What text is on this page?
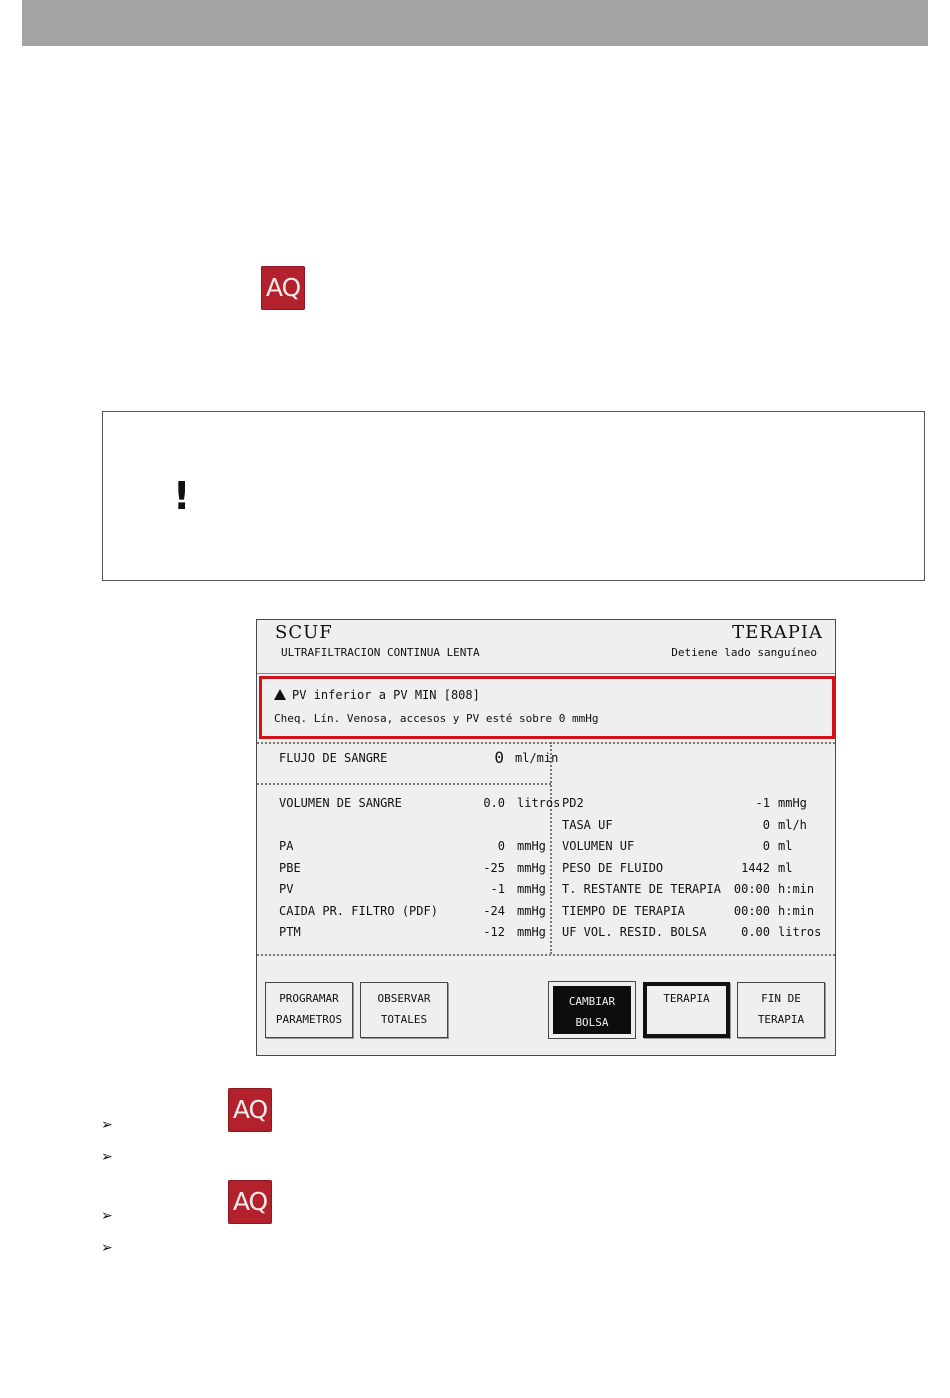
AQ
!
SCUF	TERAPIA
ULTRAFILTRACION CONTINUA LENTA	Detiene lado sanguíneo
PV inferior a PV MIN [808]
Cheq. Lín. Venosa, accesos y PV esté sobre 0 mmHg
FLUJO DE SANGRE	0 ml/min
VOLUMEN DE SANGRE	0.0 litros
PA	0 mmHg
PBE	-25 mmHg
PV	-1 mmHg
CAIDA PR. FILTRO (PDF)	-24 mmHg
PTM	-12 mmHg
PD2	-1 mmHg
TASA UF	0 ml/h
VOLUMEN UF	0 ml
PESO DE FLUIDO	1442 ml
T. RESTANTE DE TERAPIA	00:00 h:min
TIEMPO DE TERAPIA	00:00 h:min
UF VOL. RESID. BOLSA	0.00 litros
PROGRAMAR
PARAMETROS
OBSERVAR
TOTALES
CAMBIAR
BOLSA
TERAPIA	FIN DE
TERAPIA
AQ
➢
➢
AQ
➢
➢
